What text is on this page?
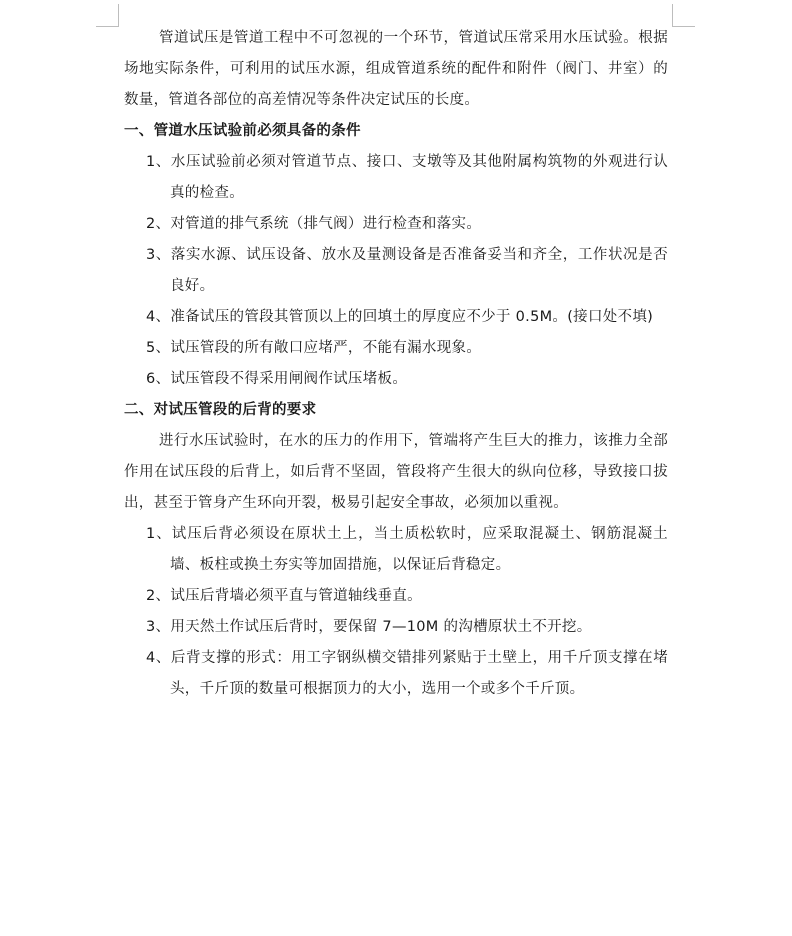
管道试压是管道工程中不可忽视的一个环节，管道试压常采用水压试验。根据场地实际条件，可利用的试压水源，组成管道系统的配件和附件（阀门、井室）的数量，管道各部位的高差情况等条件决定试压的长度。

一、管道水压试验前必须具备的条件

1、水压试验前必须对管道节点、接口、支墩等及其他附属构筑物的外观进行认真的检查。

2、对管道的排气系统（排气阀）进行检查和落实。

3、落实水源、试压设备、放水及量测设备是否准备妥当和齐全，工作状况是否良好。

4、准备试压的管段其管顶以上的回填土的厚度应不少于 0.5M。(接口处不填)

5、试压管段的所有敞口应堵严，不能有漏水现象。

6、试压管段不得采用闸阀作试压堵板。

二、对试压管段的后背的要求

进行水压试验时，在水的压力的作用下，管端将产生巨大的推力，该推力全部作用在试压段的后背上，如后背不坚固，管段将产生很大的纵向位移，导致接口拔出，甚至于管身产生环向开裂，极易引起安全事故，必须加以重视。

1、试压后背必须设在原状土上，当土质松软时，应采取混凝土、钢筋混凝土墙、板柱或换土夯实等加固措施，以保证后背稳定。

2、试压后背墙必须平直与管道轴线垂直。

3、用天然土作试压后背时，要保留 7—10M 的沟槽原状土不开挖。

4、后背支撑的形式：用工字钢纵横交错排列紧贴于土壁上，用千斤顶支撑在堵头，千斤顶的数量可根据顶力的大小，选用一个或多个千斤顶。
